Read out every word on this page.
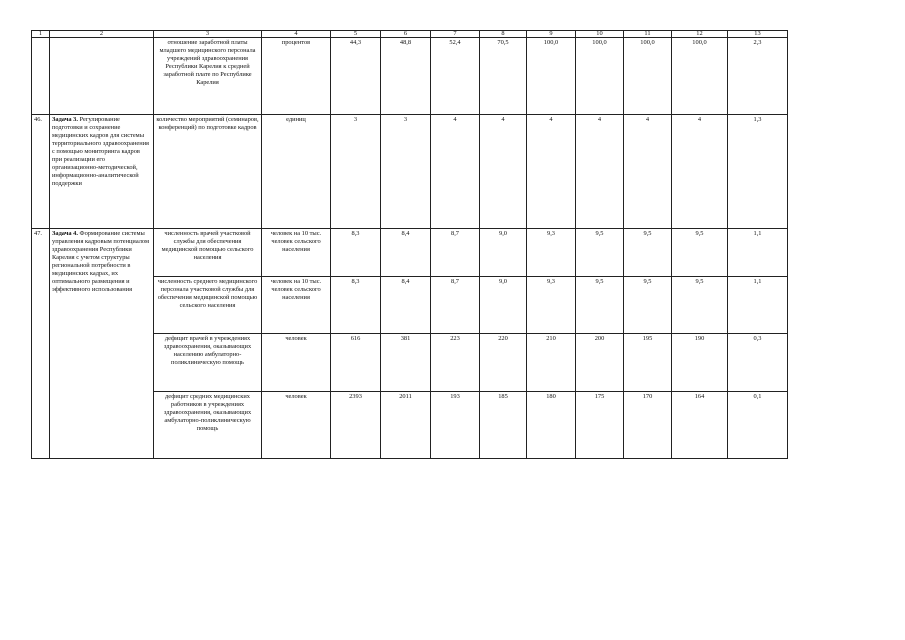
1	2	3	4	5	6	7	8	9	10	11	12	13
		отношение заработной платы младшего медицинского персонала учреждений здравоохранения Республики Карелия к средней заработной плате по Республике Карелия	процентов	44,3	48,8	52,4	70,5	100,0	100,0	100,0	100,0	2,3
46.	Задача 3. Регулирование подготовки и сохранение медицинских кадров для системы территориального здравоохранения с помощью мониторинга кадров при реализации его организационно-методической, информационно-аналитической поддержки	количество мероприятий (семинаров, конференций) по подготовке кадров	единиц	3	3	4	4	4	4	4	4	1,3
47.	Задача 4. Формирование системы управления кадровым потенциалом здравоохранения Республики Карелия с учетом структуры региональной потребности в медицинских кадрах, их оптимального размещения и эффективного использования	численность врачей участковой службы для обеспечения медицинской помощью сельского населения	человек на 10 тыс. человек сельского населения	8,3	8,4	8,7	9,0	9,3	9,5	9,5	9,5	1,1
		численность среднего медицинского персонала участковой службы для обеспечения медицинской помощью сельского населения	человек на 10 тыс. человек сельского населения	8,3	8,4	8,7	9,0	9,3	9,5	9,5	9,5	1,1
		дефицит врачей в учреждениях здравоохранения, оказывающих населению амбулаторно-поликлиническую помощь	человек	616	381	223	220	210	200	195	190	0,3
		дефицит средних медицинских работников в учреждениях здравоохранения, оказывающих амбулаторно-поликлиническую помощь	человек	2393	2011	193	185	180	175	170	164	0,1
